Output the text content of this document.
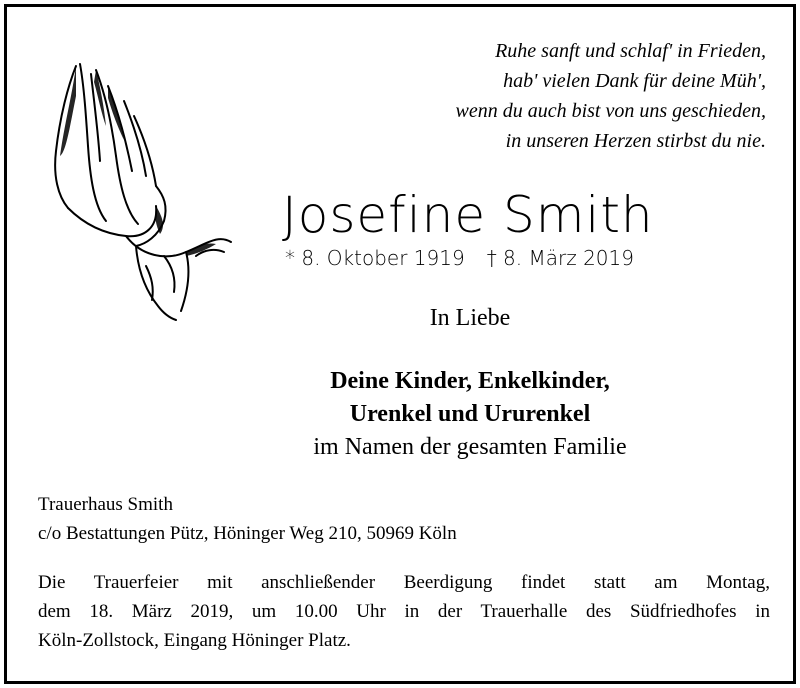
Ruhe sanft und schlaf' in Frieden,
hab' vielen Dank für deine Müh',
wenn du auch bist von uns geschieden,
in unseren Herzen stirbst du nie.
Josefine Smith
* 8. Oktober 1919 † 8. März 2019
In Liebe
Deine Kinder, Enkelkinder,
Urenkel und Ururenkel
im Namen der gesamten Familie
Trauerhaus Smith
c/o Bestattungen Pütz, Höninger Weg 210, 50969 Köln
Die Trauerfeier mit anschließender Beerdigung findet statt am Montag,
dem 18. März 2019, um 10.00 Uhr in der Trauerhalle des Südfriedhofes in
Köln-Zollstock, Eingang Höninger Platz.
